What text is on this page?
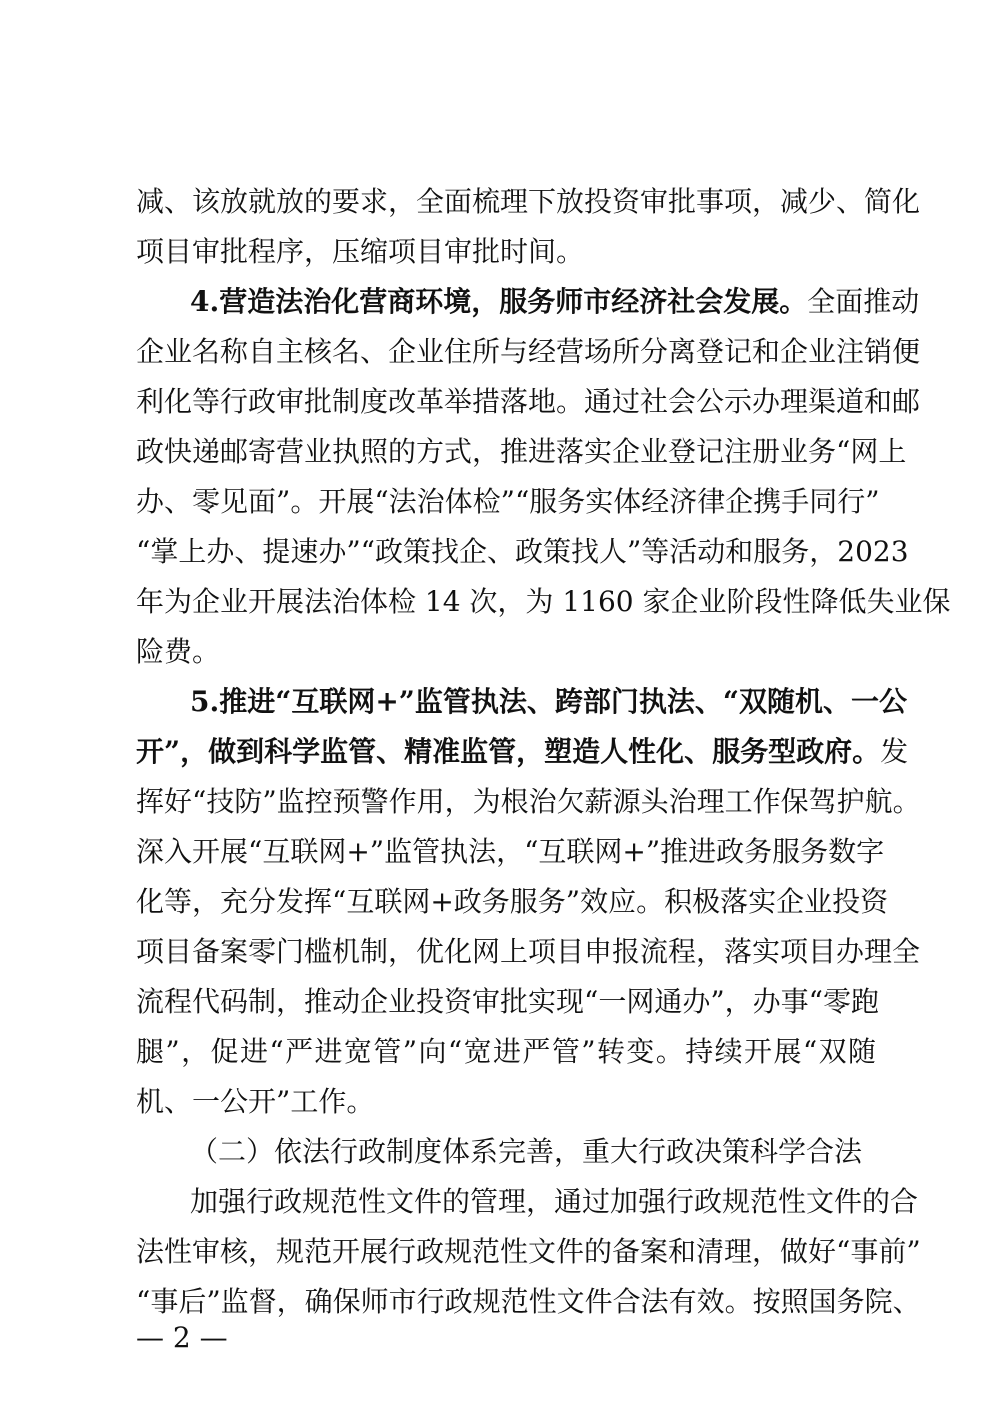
减、该放就放的要求，全面梳理下放投资审批事项，减少、简化
项目审批程序，压缩项目审批时间。
4.营造法治化营商环境，服务师市经济社会发展。全面推动
企业名称自主核名、企业住所与经营场所分离登记和企业注销便
利化等行政审批制度改革举措落地。通过社会公示办理渠道和邮
政快递邮寄营业执照的方式，推进落实企业登记注册业务“网上
办、零见面”。开展“法治体检”“服务实体经济律企携手同行”
“掌上办、提速办”“政策找企、政策找人”等活动和服务，2023
年为企业开展法治体检 14 次，为 1160 家企业阶段性降低失业保
险费。
5.推进“互联网+”监管执法、跨部门执法、“双随机、一公
开”，做到科学监管、精准监管，塑造人性化、服务型政府。发
挥好“技防”监控预警作用，为根治欠薪源头治理工作保驾护航。
深入开展“互联网+”监管执法，“互联网+”推进政务服务数字
化等，充分发挥“互联网+政务服务”效应。积极落实企业投资
项目备案零门槛机制，优化网上项目申报流程，落实项目办理全
流程代码制，推动企业投资审批实现“一网通办”，办事“零跑
腿”，促进“严进宽管”向“宽进严管”转变。持续开展“双随
机、一公开”工作。
（二）依法行政制度体系完善，重大行政决策科学合法
加强行政规范性文件的管理，通过加强行政规范性文件的合
法性审核，规范开展行政规范性文件的备案和清理，做好“事前”
— 2 —
“事后”监督，确保师市行政规范性文件合法有效。按照国务院、
